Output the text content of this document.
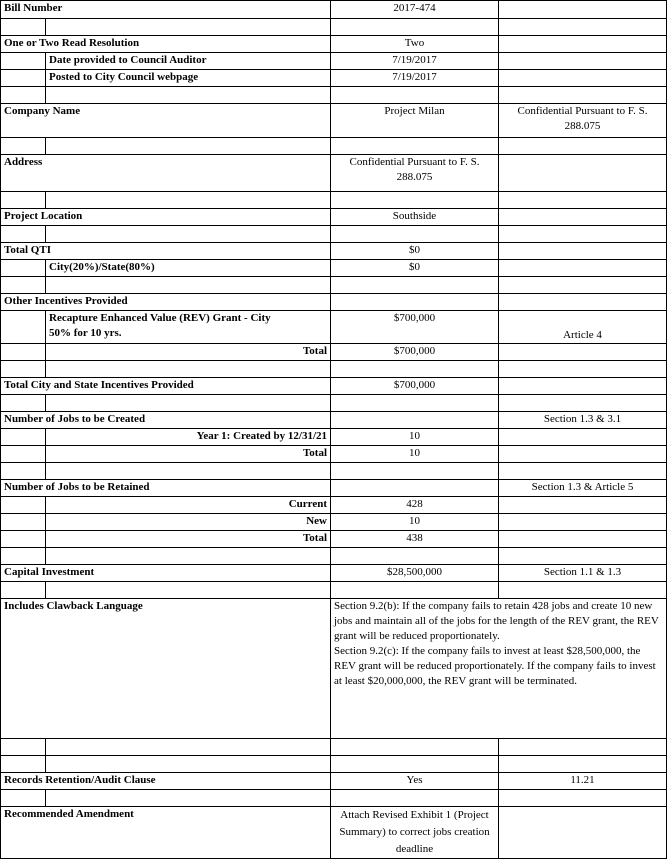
Bill Number		2017-474	

One or Two Read Resolution		Two	
	Date provided to Council Auditor	7/19/2017	
	Posted to City Council webpage	7/19/2017	

Company Name		Project Milan	Confidential Pursuant to F. S. 288.075

Address		Confidential Pursuant to F. S. 288.075	

Project Location		Southside	

Total QTI		$0	
	City(20%)/State(80%)	$0	

Other Incentives Provided			

	Recapture Enhanced Value (REV) Grant - City
50% for 10 yrs.	$700,000	Article 4
	Total	$700,000	

Total City and State Incentives Provided		$700,000	

Number of Jobs to be Created			Section 1.3 & 3.1
	Year 1: Created by 12/31/21	10	
	Total	10	

Number of Jobs to be Retained			Section 1.3 & Article 5
	Current	428	
	New	10	
	Total	438	

Capital Investment		$28,500,000	Section 1.1 & 1.3

Includes Clawback Language		Section 9.2(b): If the company fails to retain 428 jobs and create 10 new jobs and maintain all of the jobs for the length of the REV grant, the REV grant will be reduced proportionately.
Section 9.2(c): If the company fails to invest at least $28,500,000, the REV grant will be reduced proportionately. If the company fails to invest at least $20,000,000, the REV grant will be terminated.	

Records Retention/Audit Clause		Yes	11.21

Recommended Amendment		Attach Revised Exhibit 1 (Project Summary) to correct jobs creation deadline	
